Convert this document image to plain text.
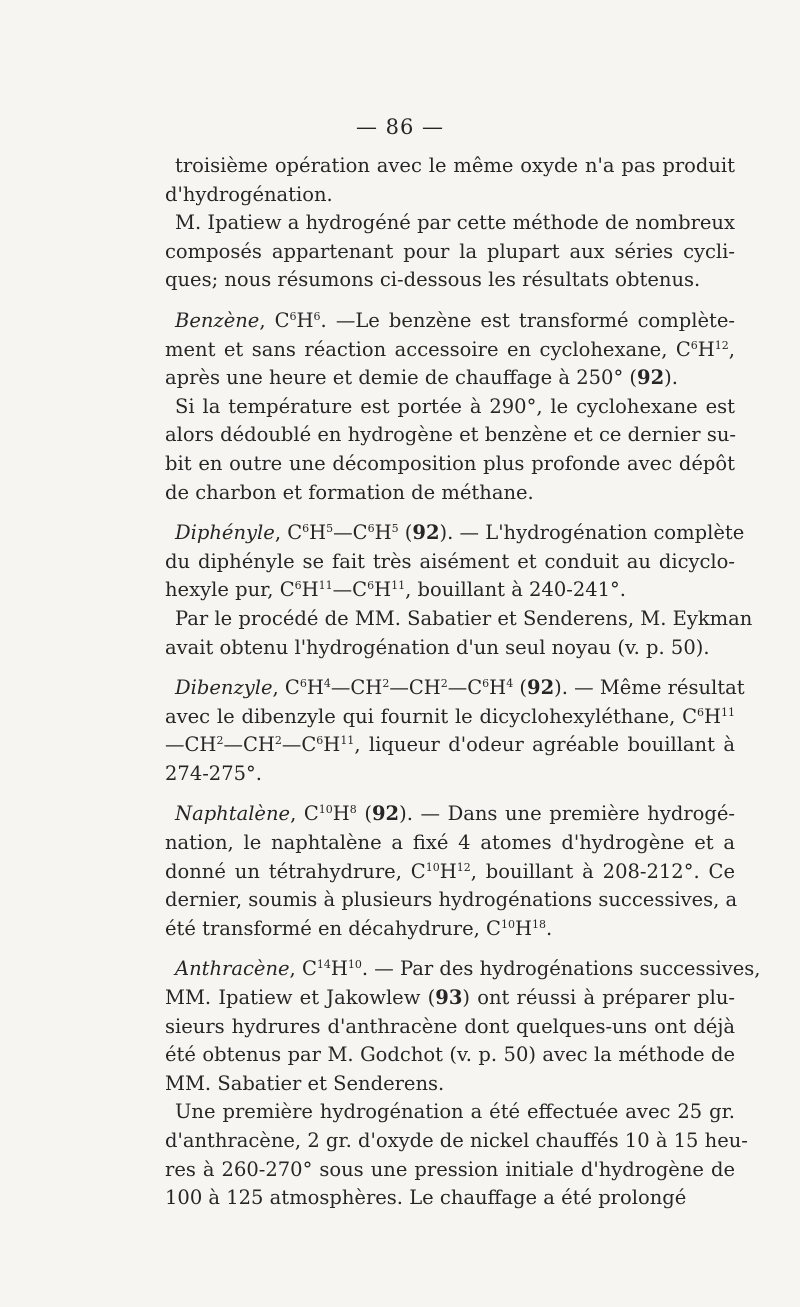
— 86 —
troisième opération avec le même oxyde n'a pas produit
d'hydrogénation.
M. Ipatiew a hydrogéné par cette méthode de nombreux
composés appartenant pour la plupart aux séries cycli-
ques; nous résumons ci-dessous les résultats obtenus.
Benzène, $C^6H^6$. —Le benzène est transformé complète-
ment et sans réaction accessoire en cyclohexane, $C^6H^{12}$,
après une heure et demie de chauffage à 250° (92).
Si la température est portée à 290°, le cyclohexane est
alors dédoublé en hydrogène et benzène et ce dernier su-
bit en outre une décomposition plus profonde avec dépôt
de charbon et formation de méthane.
Diphényle, $C^6H^5—C^6H^5$ (92). — L'hydrogénation complète
du diphényle se fait très aisément et conduit au dicyclo-
hexyle pur, $C^6H^{11}—C^6H^{11}$, bouillant à 240-241°.
Par le procédé de MM. Sabatier et Senderens, M. Eykman
avait obtenu l'hydrogénation d'un seul noyau (v. p. 50).
Dibenzyle, $C^6H^4—CH^2—CH^2—C^6H^4$ (92). — Même résultat
avec le dibenzyle qui fournit le dicyclohexyléthane, $C^6H^{11}$
$—CH^2—CH^2—C^6H^{11}$, liqueur d'odeur agréable bouillant à
274-275°.
Naphtalène, $C^{10}H^8$ (92). — Dans une première hydrogé-
nation, le naphtalène a fixé 4 atomes d'hydrogène et a
donné un tétrahydrure, $C^{10}H^{12}$, bouillant à 208-212°. Ce
dernier, soumis à plusieurs hydrogénations successives, a
été transformé en décahydrure, $C^{10}H^{18}$.
Anthracène, $C^{14}H^{10}$. — Par des hydrogénations successives,
MM. Ipatiew et Jakowlew (93) ont réussi à préparer plu-
sieurs hydrures d'anthracène dont quelques-uns ont déjà
été obtenus par M. Godchot (v. p. 50) avec la méthode de
MM. Sabatier et Senderens.
Une première hydrogénation a été effectuée avec 25 gr.
d'anthracène, 2 gr. d'oxyde de nickel chauffés 10 à 15 heu-
res à 260-270° sous une pression initiale d'hydrogène de
100 à 125 atmosphères. Le chauffage a été prolongé
